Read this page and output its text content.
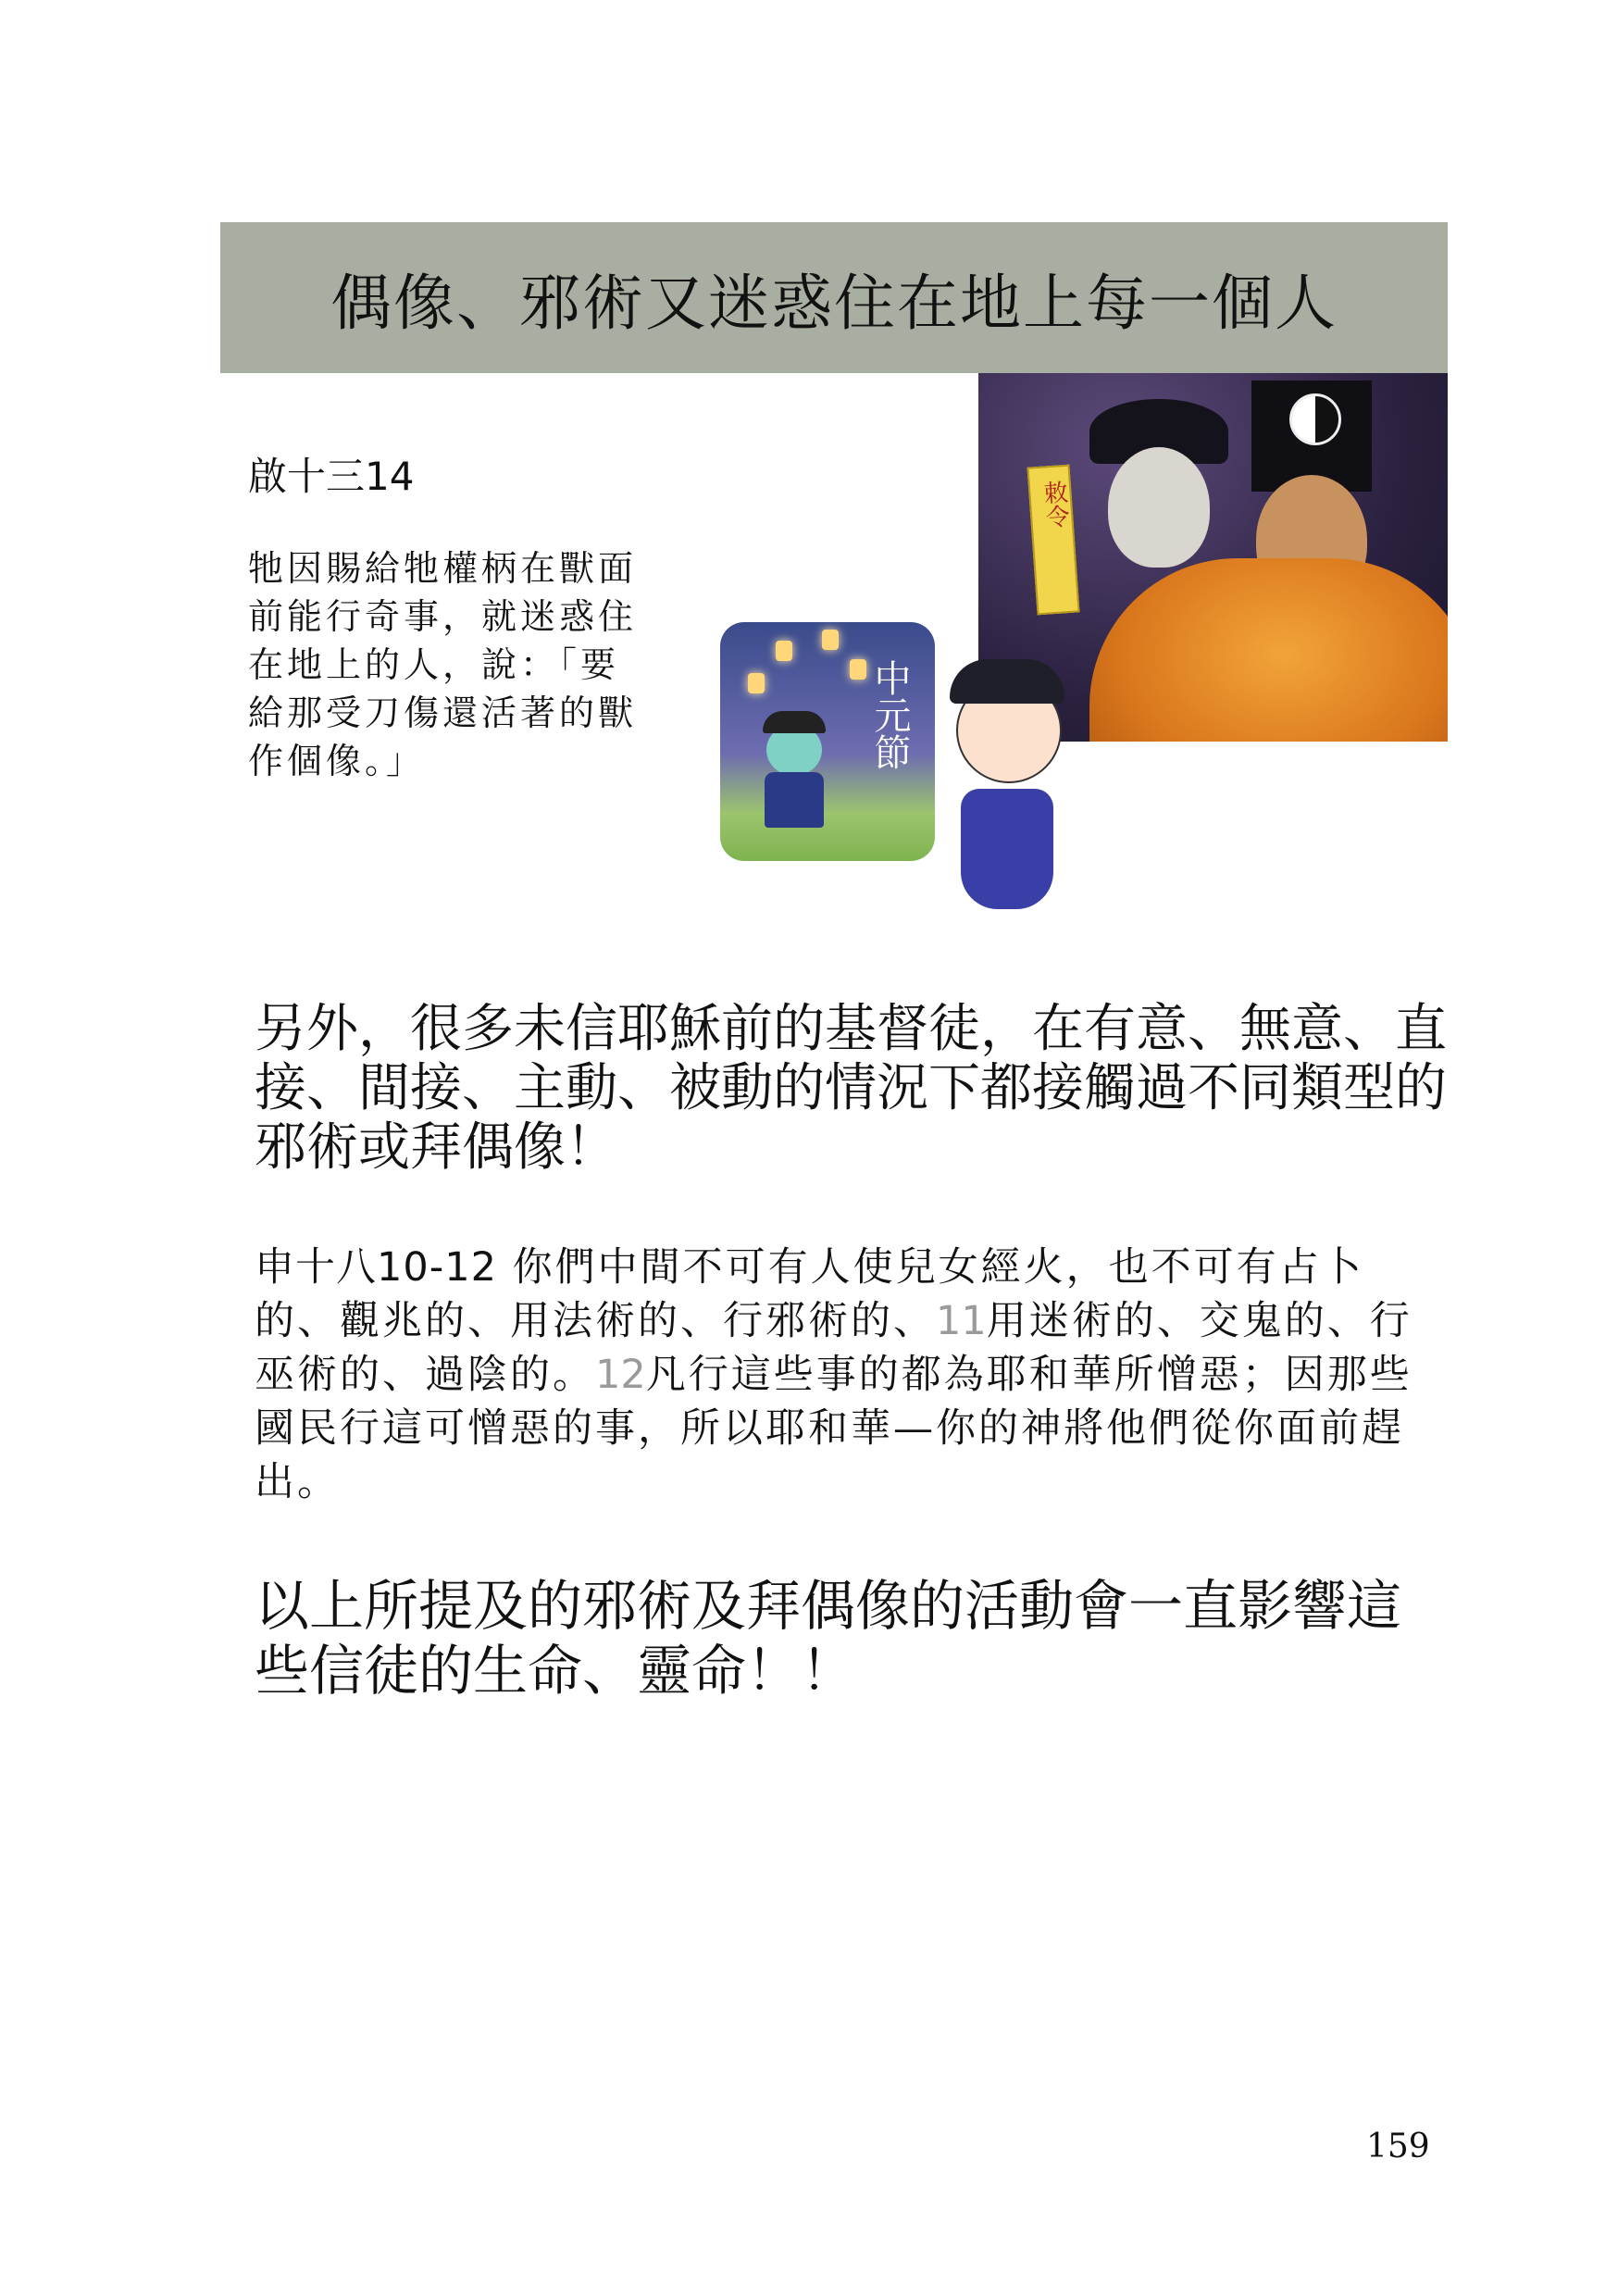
偶像、邪術又迷惑住在地上每一個人
啟十三14
牠因賜給牠權柄在獸面前能行奇事，就迷惑住在地上的人，說：「要給那受刀傷還活著的獸作個像。」
敕令
中元節
另外，很多未信耶穌前的基督徒，在有意、無意、直接、間接、主動、被動的情況下都接觸過不同類型的邪術或拜偶像！
申十八10-12 你們中間不可有人使兒女經火，也不可有占卜的、觀兆的、用法術的、行邪術的、11用迷術的、交鬼的、行巫術的、過陰的。12凡行這些事的都為耶和華所憎惡；因那些國民行這可憎惡的事，所以耶和華—你的神將他們從你面前趕出。
以上所提及的邪術及拜偶像的活動會一直影響這些信徒的生命、靈命！！
159
